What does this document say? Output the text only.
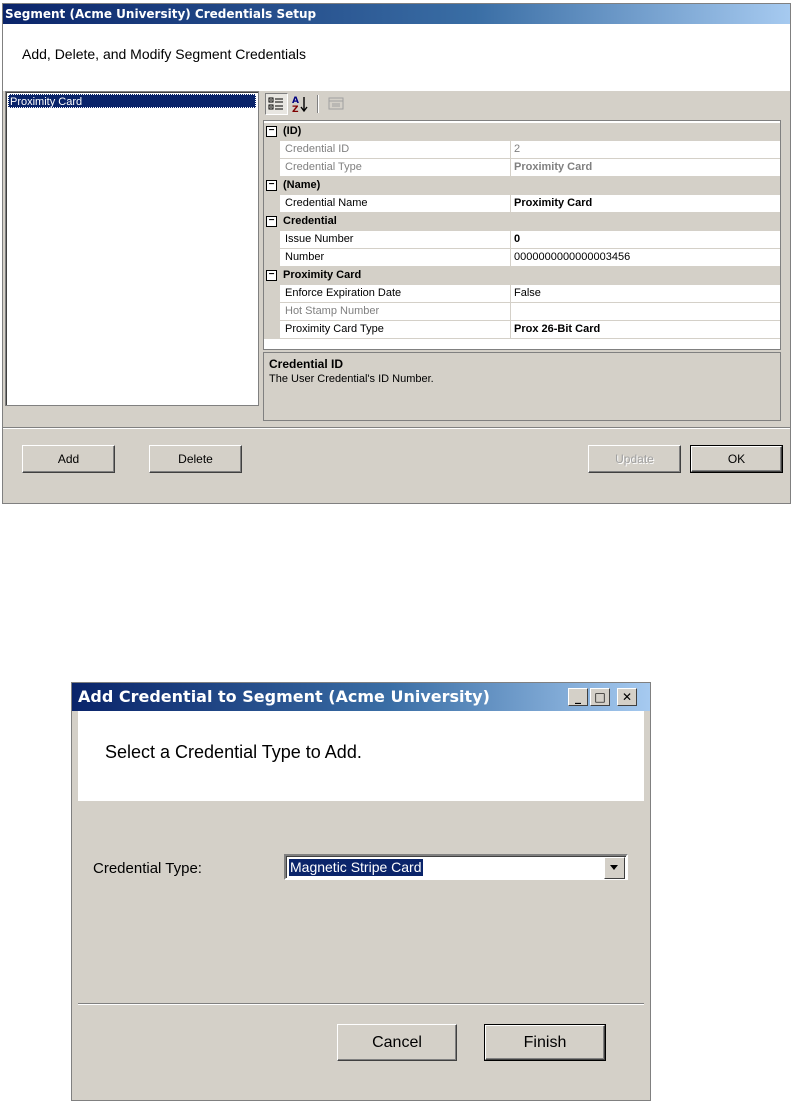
Segment (Acme University) Credentials Setup
Add, Delete, and Modify Segment Credentials
Proximity Card	A
Z
− (ID)
Credential ID	2
Credential Type	Proximity Card
− (Name)
Credential Name	Proximity Card
− Credential
Issue Number	0
Number	0000000000000003456
− Proximity Card
Enforce Expiration Date	False
Hot Stamp Number
Proximity Card Type	Prox 26-Bit Card
Credential ID
The User Credential's ID Number.
Add	Delete	Update	OK
Add Credential to Segment (Acme University)	_	□	✕
Select a Credential Type to Add.
Credential Type:	Magnetic Stripe Card
Cancel	Finish
